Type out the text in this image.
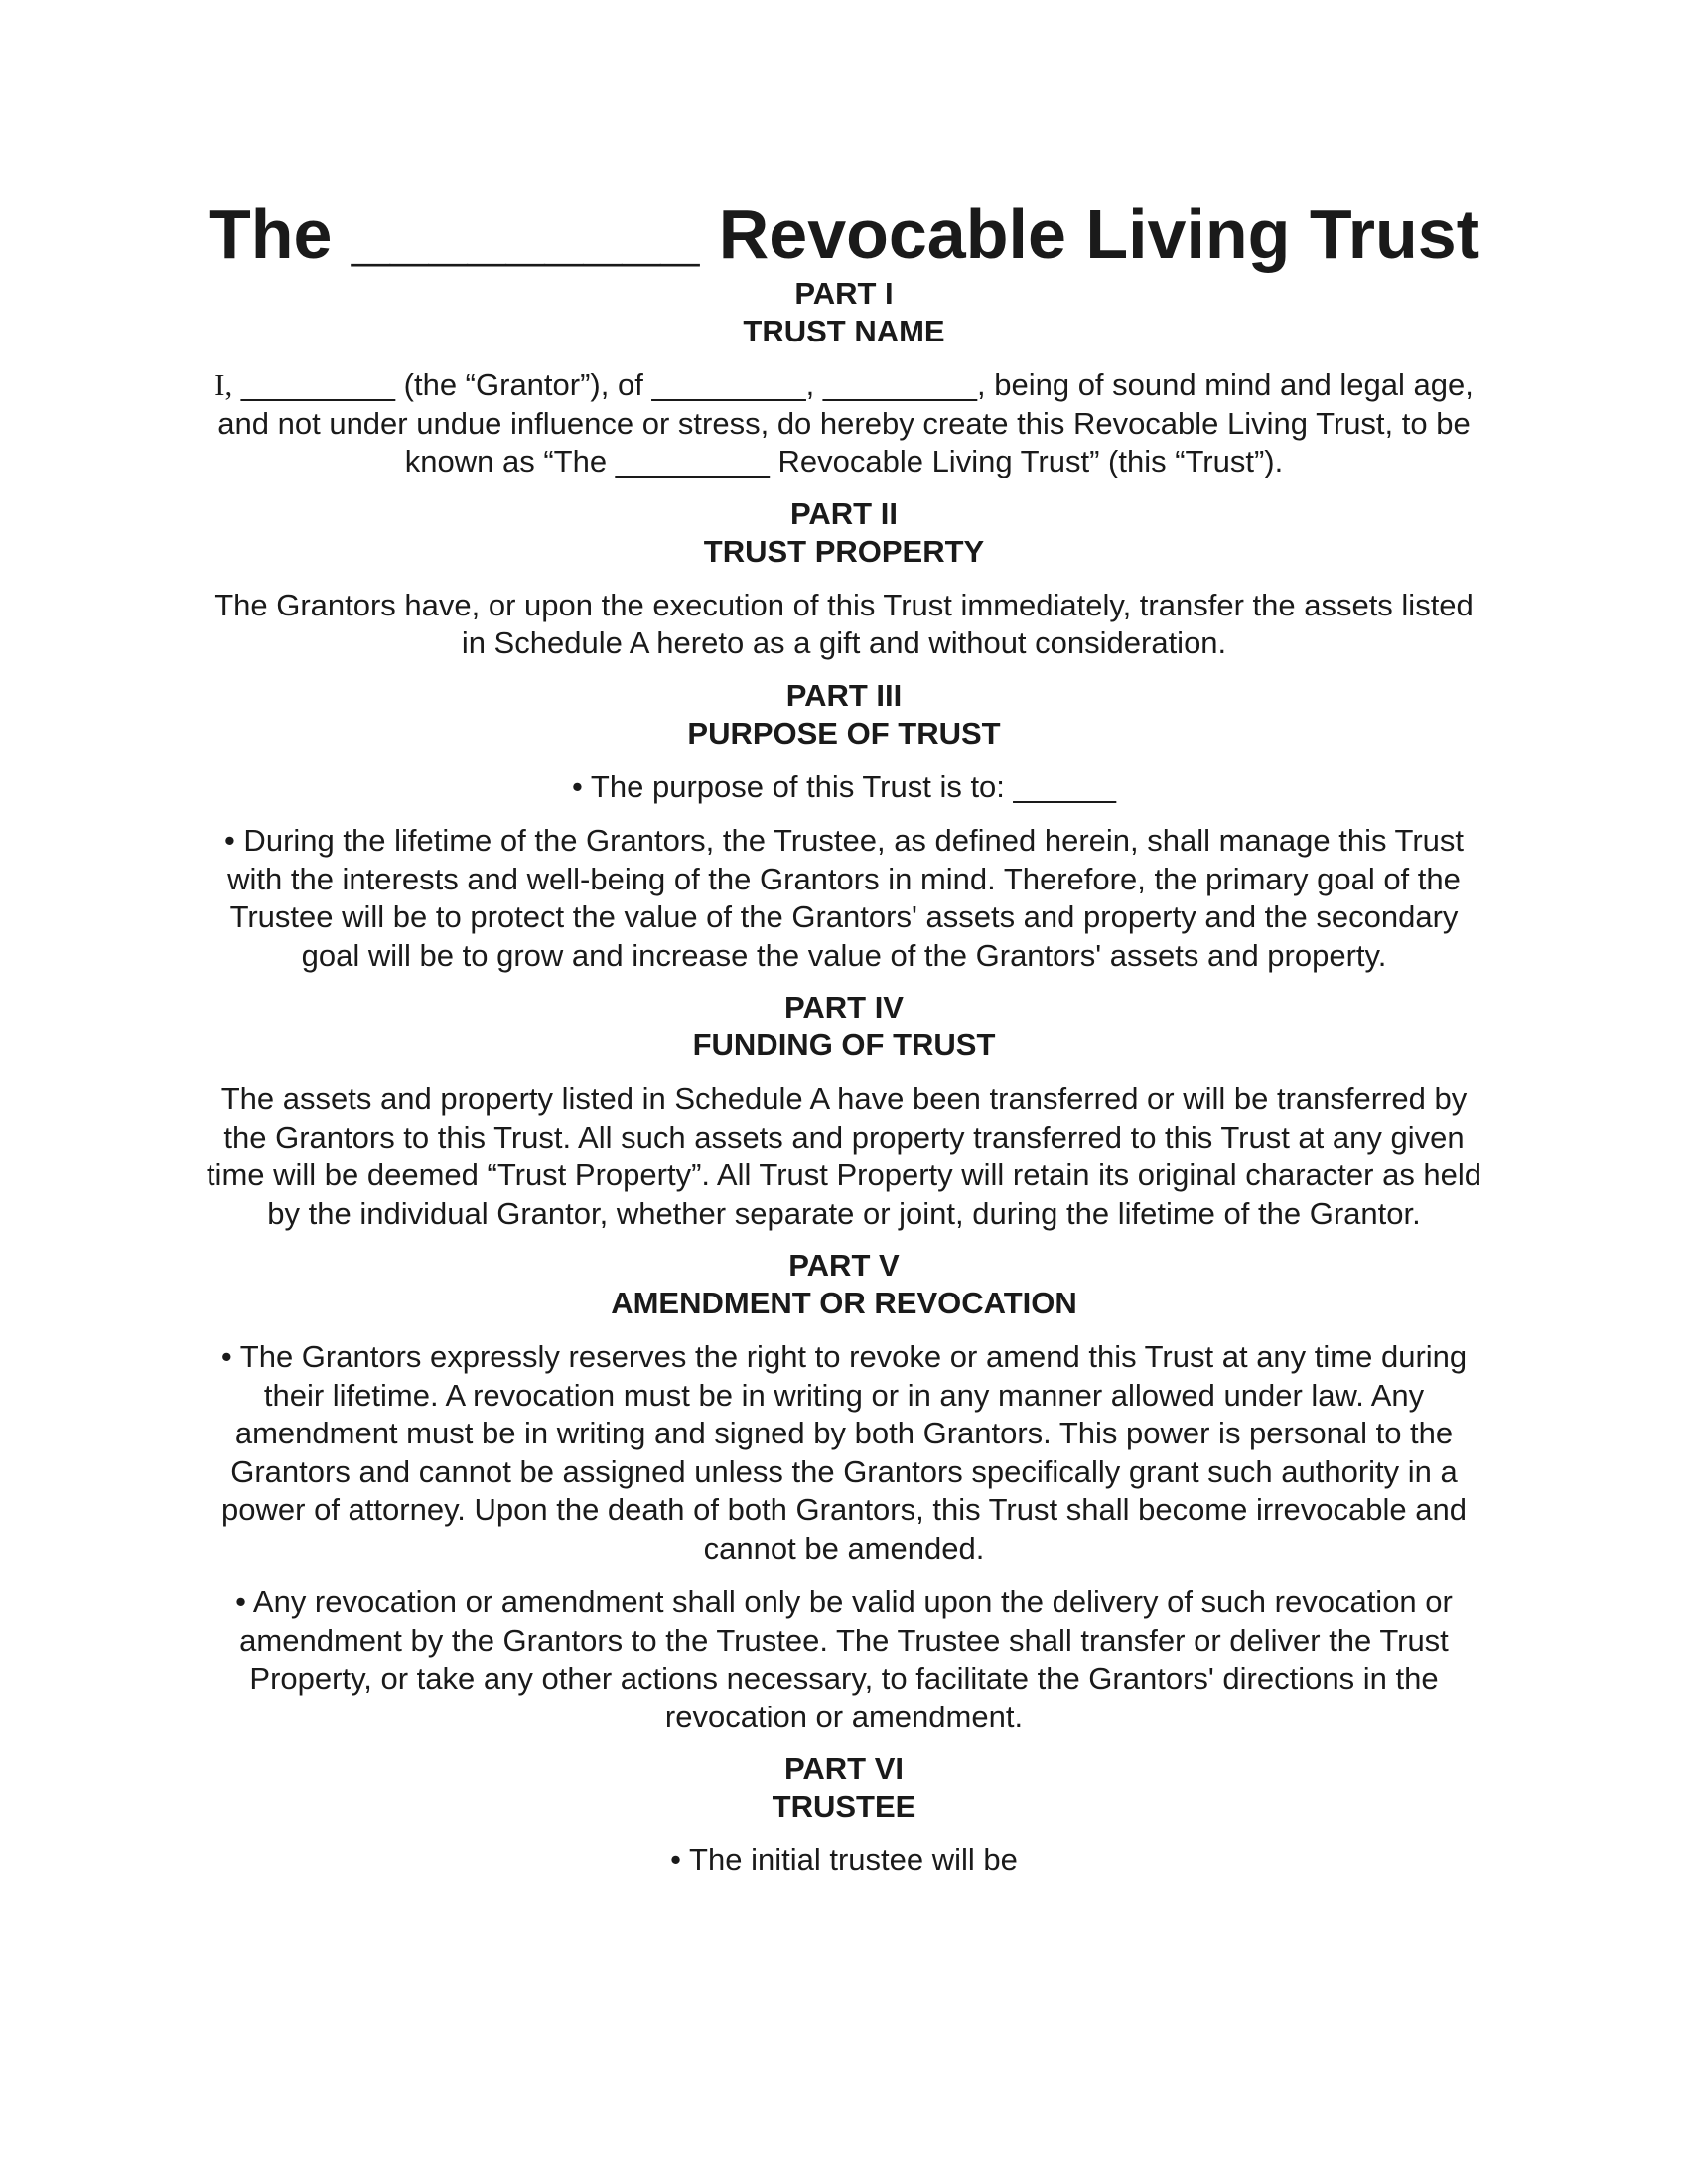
The _________ Revocable Living Trust
PART I
TRUST NAME

I, _________ (the “Grantor”), of _________, _________, being of sound mind and legal age, and not under undue influence or stress, do hereby create this Revocable Living Trust, to be known as “The _________ Revocable Living Trust” (this “Trust”).

PART II
TRUST PROPERTY

The Grantors have, or upon the execution of this Trust immediately, transfer the assets listed in Schedule A hereto as a gift and without consideration.

PART III
PURPOSE OF TRUST

• The purpose of this Trust is to: ______

• During the lifetime of the Grantors, the Trustee, as defined herein, shall manage this Trust with the interests and well-being of the Grantors in mind. Therefore, the primary goal of the Trustee will be to protect the value of the Grantors' assets and property and the secondary goal will be to grow and increase the value of the Grantors' assets and property.

PART IV
FUNDING OF TRUST

The assets and property listed in Schedule A have been transferred or will be transferred by the Grantors to this Trust. All such assets and property transferred to this Trust at any given time will be deemed “Trust Property”. All Trust Property will retain its original character as held by the individual Grantor, whether separate or joint, during the lifetime of the Grantor.

PART V
AMENDMENT OR REVOCATION

• The Grantors expressly reserves the right to revoke or amend this Trust at any time during their lifetime. A revocation must be in writing or in any manner allowed under law. Any amendment must be in writing and signed by both Grantors. This power is personal to the Grantors and cannot be assigned unless the Grantors specifically grant such authority in a power of attorney. Upon the death of both Grantors, this Trust shall become irrevocable and cannot be amended.

• Any revocation or amendment shall only be valid upon the delivery of such revocation or amendment by the Grantors to the Trustee. The Trustee shall transfer or deliver the Trust Property, or take any other actions necessary, to facilitate the Grantors' directions in the revocation or amendment.

PART VI
TRUSTEE

• The initial trustee will be
